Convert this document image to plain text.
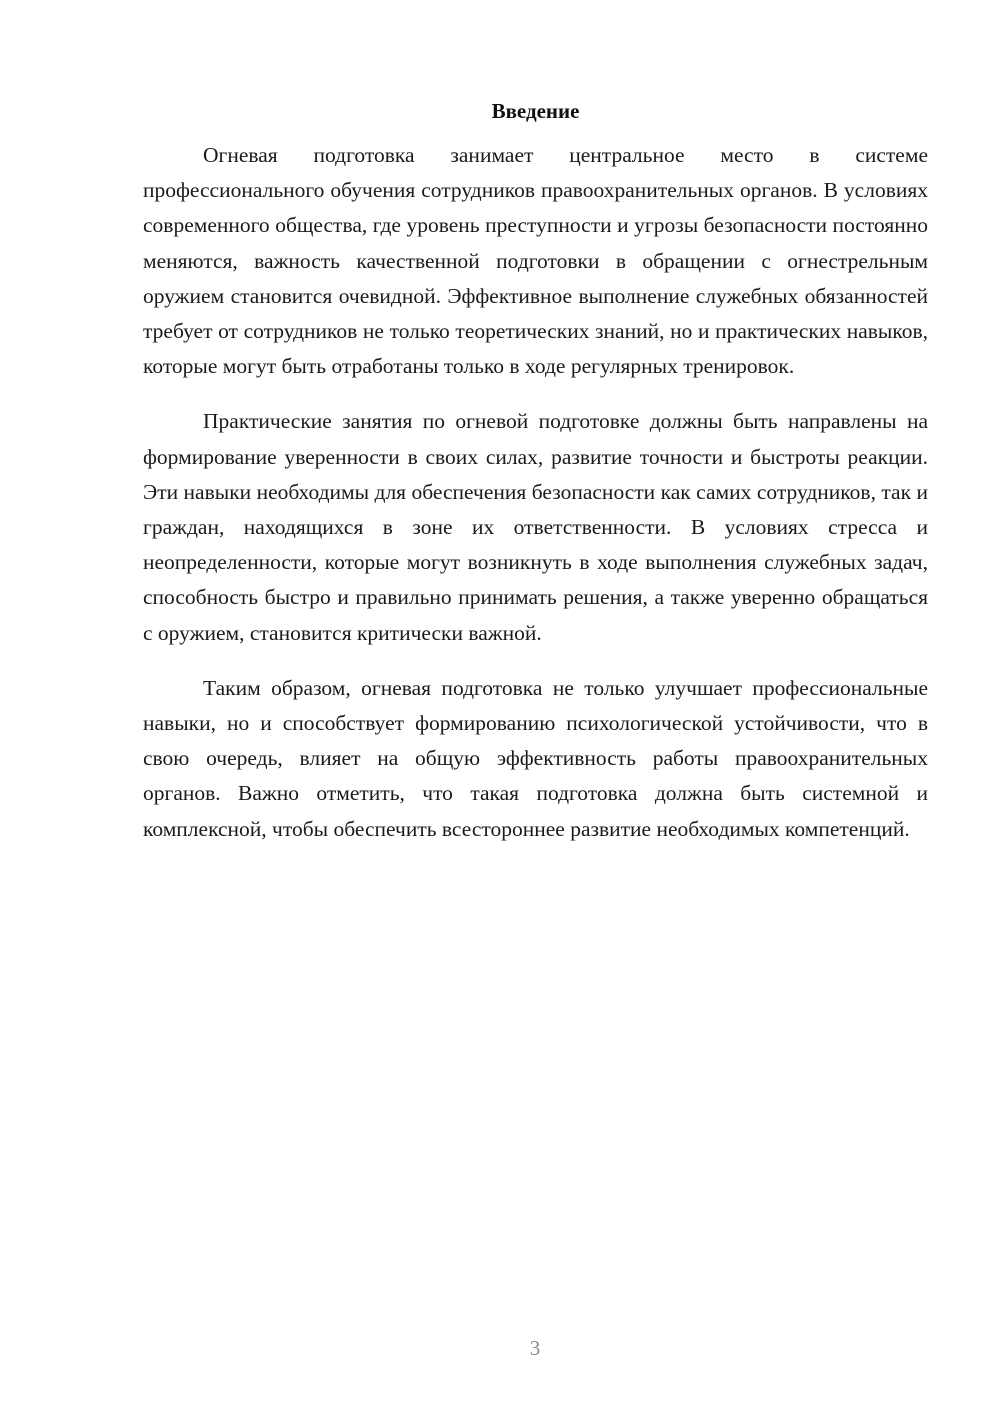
Введение

Огневая подготовка занимает центральное место в системе профессионального обучения сотрудников правоохранительных органов. В условиях современного общества, где уровень преступности и угрозы безопасности постоянно меняются, важность качественной подготовки в обращении с огнестрельным оружием становится очевидной. Эффективное выполнение служебных обязанностей требует от сотрудников не только теоретических знаний, но и практических навыков, которые могут быть отработаны только в ходе регулярных тренировок.

Практические занятия по огневой подготовке должны быть направлены на формирование уверенности в своих силах, развитие точности и быстроты реакции. Эти навыки необходимы для обеспечения безопасности как самих сотрудников, так и граждан, находящихся в зоне их ответственности. В условиях стресса и неопределенности, которые могут возникнуть в ходе выполнения служебных задач, способность быстро и правильно принимать решения, а также уверенно обращаться с оружием, становится критически важной.

Таким образом, огневая подготовка не только улучшает профессиональные навыки, но и способствует формированию психологической устойчивости, что в свою очередь, влияет на общую эффективность работы правоохранительных органов. Важно отметить, что такая подготовка должна быть системной и комплексной, чтобы обеспечить всестороннее развитие необходимых компетенций.

3
